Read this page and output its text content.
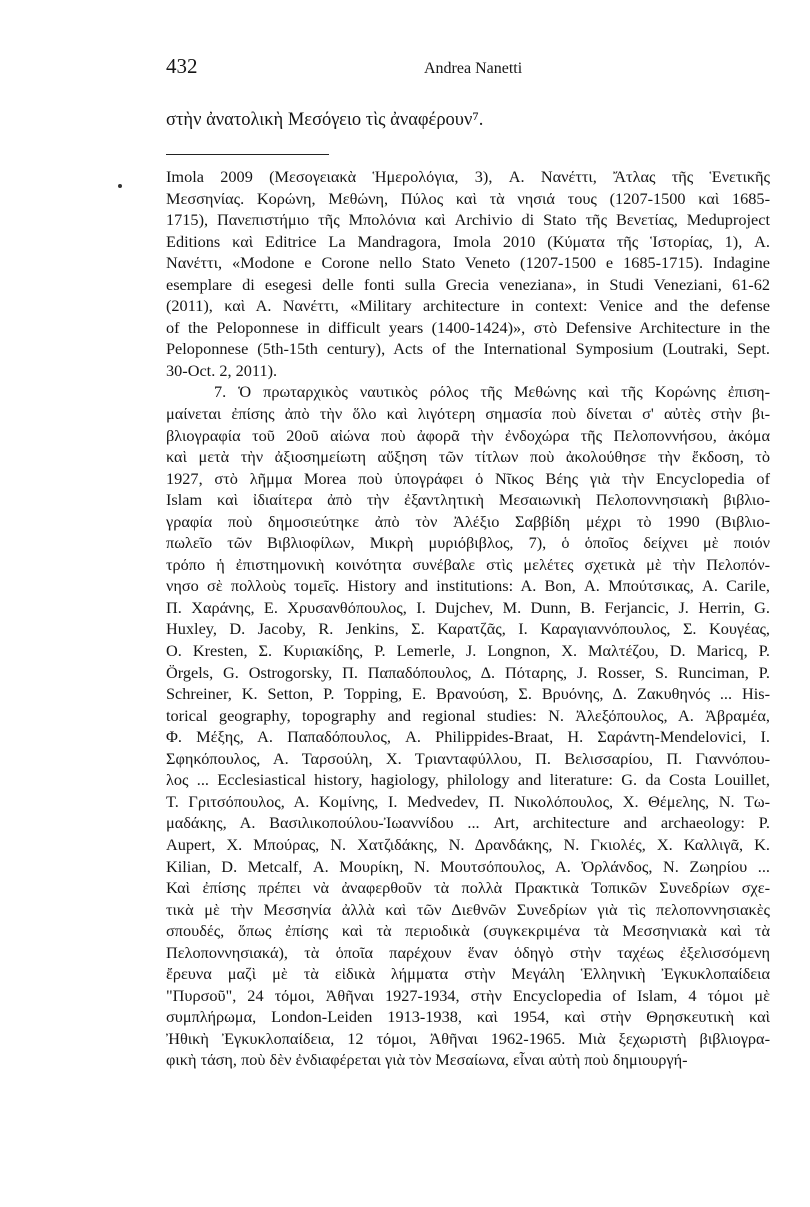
432	Andrea Nanetti
στὴν ἀνατολικὴ Μεσόγειο τὶς ἀναφέρουν⁷.
Imola 2009 (Μεσογειακὰ Ἡμερολόγια, 3), Α. Νανέττι, Ἄτλας τῆς Ἑνετικῆς
Μεσσηνίας. Κορώνη, Μεθώνη, Πύλος καὶ τὰ νησιά τους (1207-1500 καὶ 1685-
1715), Πανεπιστήμιο τῆς Μπολόνια καὶ Archivio di Stato τῆς Βενετίας, Meduproject
Editions καὶ Editrice La Mandragora, Imola 2010 (Κύματα τῆς Ἱστορίας, 1), Α.
Νανέττι, «Modone e Corone nello Stato Veneto (1207-1500 e 1685-1715). Indagine
esemplare di esegesi delle fonti sulla Grecia veneziana», in Studi Veneziani, 61-62
(2011), καὶ Α. Νανέττι, «Military architecture in context: Venice and the defense
of the Peloponnese in difficult years (1400-1424)», στὸ Defensive Architecture in the
Peloponnese (5th-15th century), Acts of the International Symposium (Loutraki, Sept.
30-Oct. 2, 2011).
7. Ὁ πρωταρχικὸς ναυτικὸς ρόλος τῆς Μεθώνης καὶ τῆς Κορώνης ἐπιση-
μαίνεται ἐπίσης ἀπὸ τὴν ὅλο καὶ λιγότερη σημασία ποὺ δίνεται σ' αὐτὲς στὴν βι-
βλιογραφία τοῦ 20οῦ αἰώνα ποὺ ἀφορᾶ τὴν ἐνδοχώρα τῆς Πελοποννήσου, ἀκόμα
καὶ μετὰ τὴν ἀξιοσημείωτη αὔξηση τῶν τίτλων ποὺ ἀκολούθησε τὴν ἔκδοση, τὸ
1927, στὸ λῆμμα Morea ποὺ ὑπογράφει ὁ Νῖκος Βέης γιὰ τὴν Encyclopedia of
Islam καὶ ἰδιαίτερα ἀπὸ τὴν ἐξαντλητικὴ Μεσαιωνικὴ Πελοποννησιακὴ βιβλιο-
γραφία ποὺ δημοσιεύτηκε ἀπὸ τὸν Ἀλέξιο Σαββίδη μέχρι τὸ 1990 (Βιβλιο-
πωλεῖο τῶν Βιβλιοφίλων, Μικρὴ μυριόβιβλος, 7), ὁ ὁποῖος δείχνει μὲ ποιόν
τρόπο ἡ ἐπιστημονικὴ κοινότητα συνέβαλε στὶς μελέτες σχετικὰ μὲ τὴν Πελοπόν-
νησο σὲ πολλοὺς τομεῖς. History and institutions: A. Bon, Α. Μπούτσικας, A. Carile,
Π. Χαράνης, Ε. Χρυσανθόπουλος, I. Dujchev, M. Dunn, B. Ferjancic, J. Herrin, G.
Huxley, D. Jacoby, R. Jenkins, Σ. Καρατζᾶς, Ι. Καραγιαννόπουλος, Σ. Κουγέας,
O. Kresten, Σ. Κυριακίδης, P. Lemerle, J. Longnon, Χ. Μαλτέζου, D. Maricq, P.
Örgels, G. Ostrogorsky, Π. Παπαδόπουλος, Δ. Πόταρης, J. Rosser, S. Runciman, P.
Schreiner, K. Setton, P. Topping, Ε. Βρανούση, Σ. Βρυόνης, Δ. Ζακυθηνός ... His-
torical geography, topography and regional studies: Ν. Ἀλεξόπουλος, Α. Ἀβραμέα,
Φ. Μέξης, Α. Παπαδόπουλος, A. Philippides-Braat, Η. Σαράντη-Mendelovici, Ι.
Σφηκόπουλος, Α. Ταρσούλη, Χ. Τριανταφύλλου, Π. Βελισσαρίου, Π. Γιαννόπου-
λος ... Ecclesiastical history, hagiology, philology and literature: G. da Costa Louillet,
Τ. Γριτσόπουλος, Α. Κομίνης, I. Medvedev, Π. Νικολόπουλος, Χ. Θέμελης, Ν. Τω-
μαδάκης, Α. Βασιλικοπούλου-Ἰωαννίδου ... Art, architecture and archaeology: P.
Aupert, Χ. Μπούρας, Ν. Χατζιδάκης, Ν. Δρανδάκης, Ν. Γκιολές, Χ. Καλλιγᾶ, K.
Kilian, D. Metcalf, Α. Μουρίκη, Ν. Μουτσόπουλος, Α. Ὀρλάνδος, Ν. Ζωηρίου ...
Καὶ ἐπίσης πρέπει νὰ ἀναφερθοῦν τὰ πολλὰ Πρακτικὰ Τοπικῶν Συνεδρίων σχε-
τικὰ μὲ τὴν Μεσσηνία ἀλλὰ καὶ τῶν Διεθνῶν Συνεδρίων γιὰ τὶς πελοποννησιακὲς
σπουδές, ὅπως ἐπίσης καὶ τὰ περιοδικὰ (συγκεκριμένα τὰ Μεσσηνιακὰ καὶ τὰ
Πελοποννησιακά), τὰ ὁποῖα παρέχουν ἕναν ὁδηγὸ στὴν ταχέως ἐξελισσόμενη
ἔρευνα μαζὶ μὲ τὰ εἰδικὰ λήμματα στὴν Μεγάλη Ἑλληνικὴ Ἐγκυκλοπαίδεια
"Πυρσοῦ", 24 τόμοι, Ἀθῆναι 1927-1934, στὴν Encyclopedia of Islam, 4 τόμοι μὲ
συμπλήρωμα, London-Leiden 1913-1938, καὶ 1954, καὶ στὴν Θρησκευτικὴ καὶ
Ἠθικὴ Ἐγκυκλοπαίδεια, 12 τόμοι, Ἀθῆναι 1962-1965. Μιὰ ξεχωριστὴ βιβλιογρα-
φικὴ τάση, ποὺ δὲν ἐνδιαφέρεται γιὰ τὸν Μεσαίωνα, εἶναι αὐτὴ ποὺ δημιουργή-
